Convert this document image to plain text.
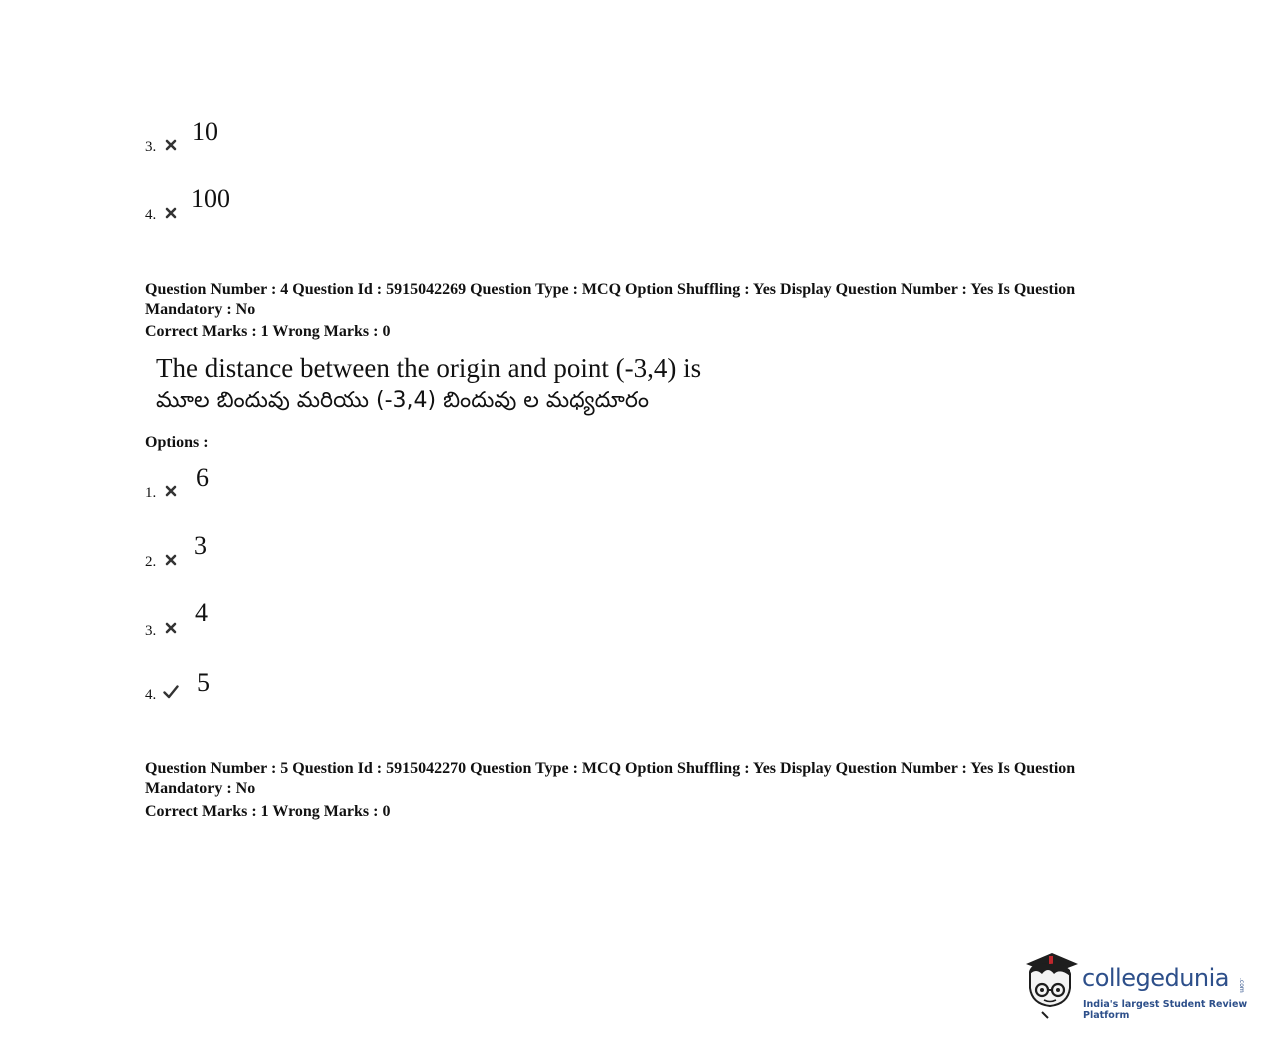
3.
10
4.
100
Question Number : 4 Question Id : 5915042269 Question Type : MCQ Option Shuffling : Yes Display Question Number : Yes Is Question
Mandatory : No
Correct Marks : 1 Wrong Marks : 0
The distance between the origin and point (-3,4) is
మూల బిందువు మరియు (-3,4) బిందువు ల మధ్యదూరం
Options :
1.
6
2.
3
3.
4
4. 5
Question Number : 5 Question Id : 5915042270 Question Type : MCQ Option Shuffling : Yes Display Question Number : Yes Is Question
Mandatory : No
Correct Marks : 1 Wrong Marks : 0
collegedunia .com
India's largest Student Review Platform
